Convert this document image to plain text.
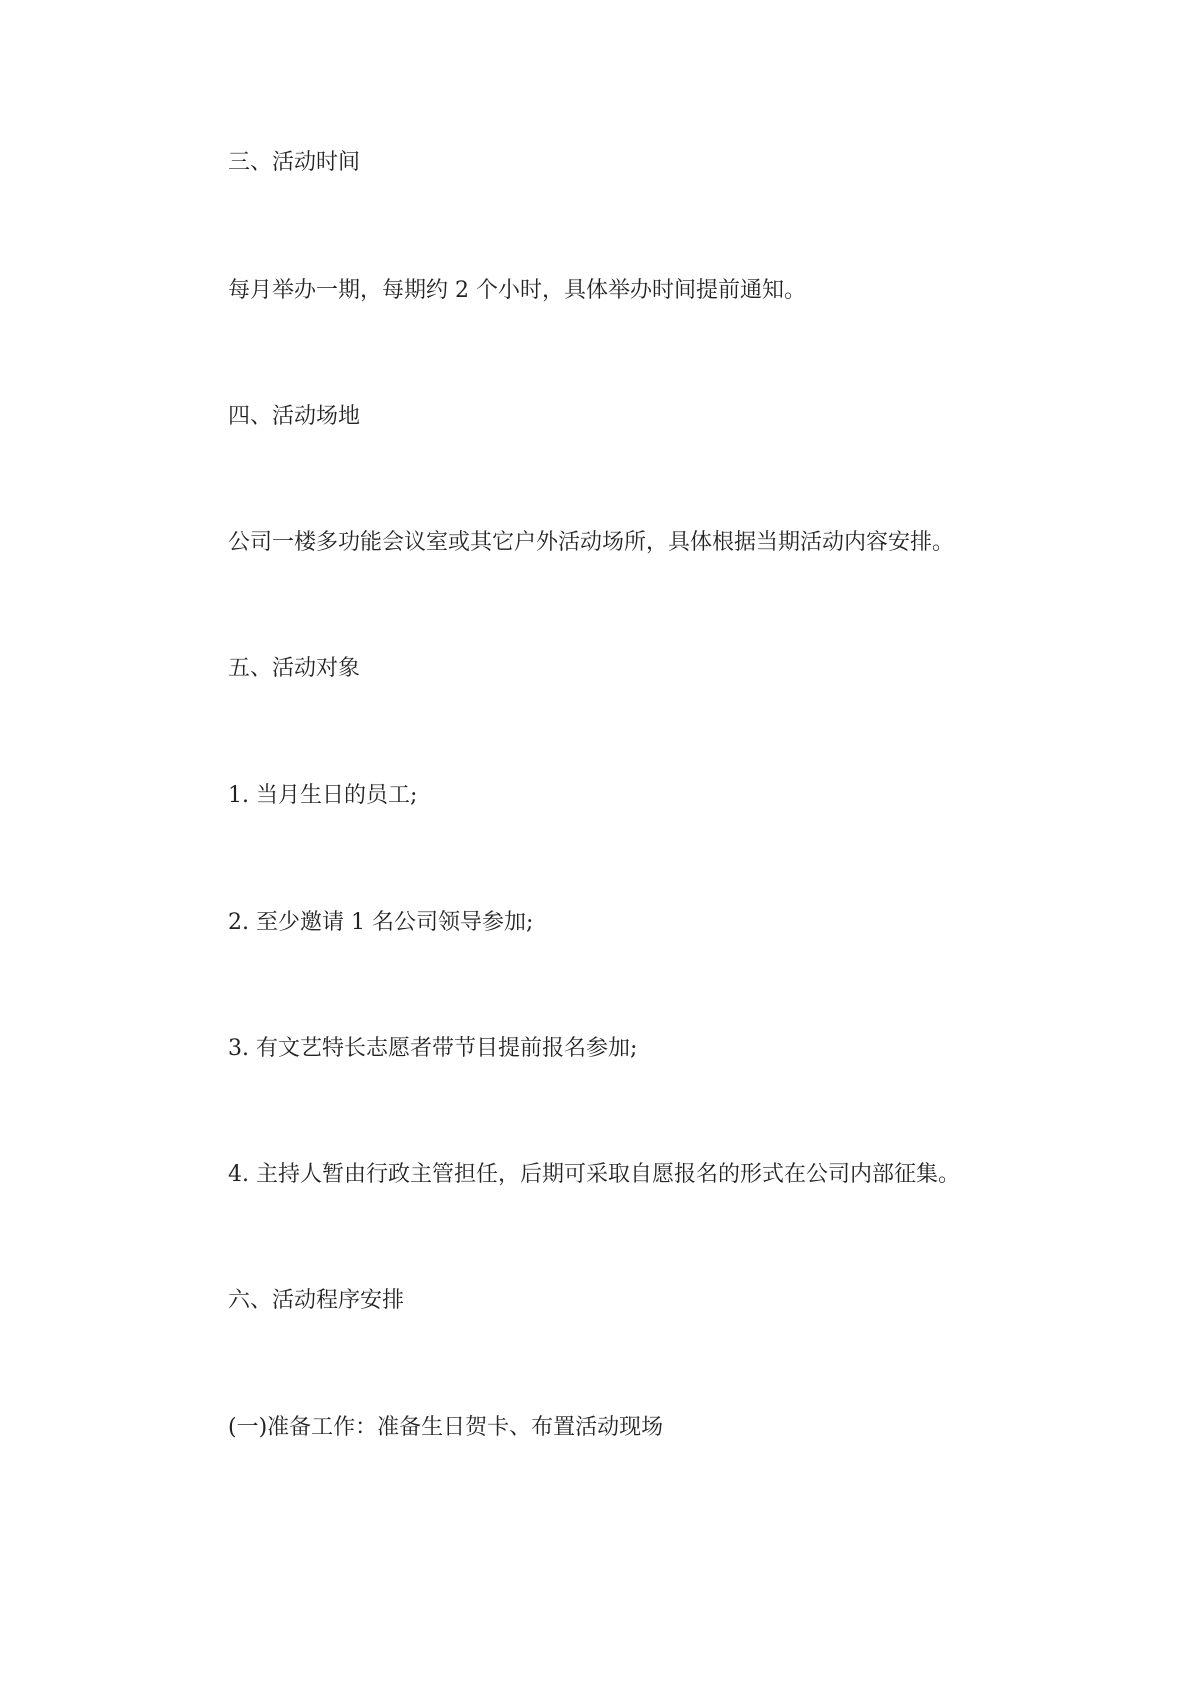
三、活动时间

每月举办一期，每期约 2 个小时，具体举办时间提前通知。

四、活动场地

公司一楼多功能会议室或其它户外活动场所，具体根据当期活动内容安排。

五、活动对象

1. 当月生日的员工;

2. 至少邀请 1 名公司领导参加;

3. 有文艺特长志愿者带节目提前报名参加;

4. 主持人暂由行政主管担任，后期可采取自愿报名的形式在公司内部征集。

六、活动程序安排

(一)准备工作：准备生日贺卡、布置活动现场
